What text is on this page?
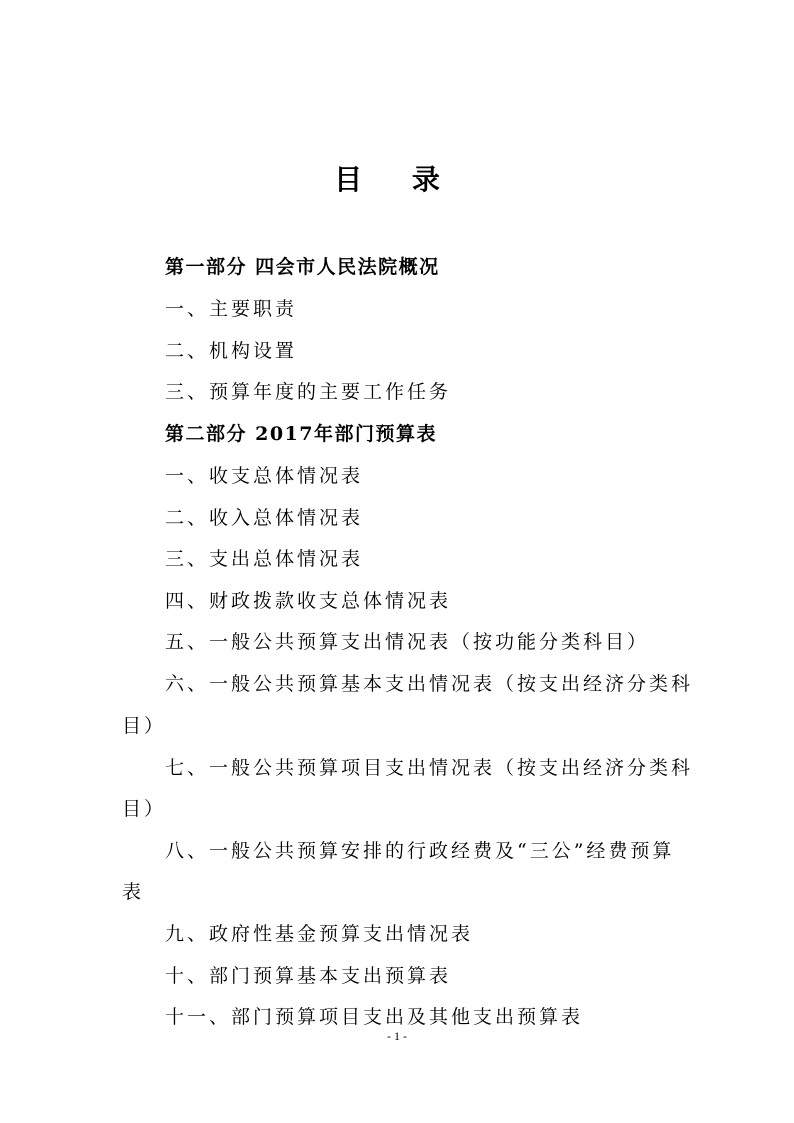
目 录
第一部分 四会市人民法院概况
一、主要职责
二、机构设置
三、预算年度的主要工作任务
第二部分 2017年部门预算表
一、收支总体情况表
二、收入总体情况表
三、支出总体情况表
四、财政拨款收支总体情况表
五、一般公共预算支出情况表（按功能分类科目）
六、一般公共预算基本支出情况表（按支出经济分类科
目）
七、一般公共预算项目支出情况表（按支出经济分类科
目）
八、一般公共预算安排的行政经费及“三公”经费预算
表
九、政府性基金预算支出情况表
十、部门预算基本支出预算表
十一、部门预算项目支出及其他支出预算表
- 1 -
